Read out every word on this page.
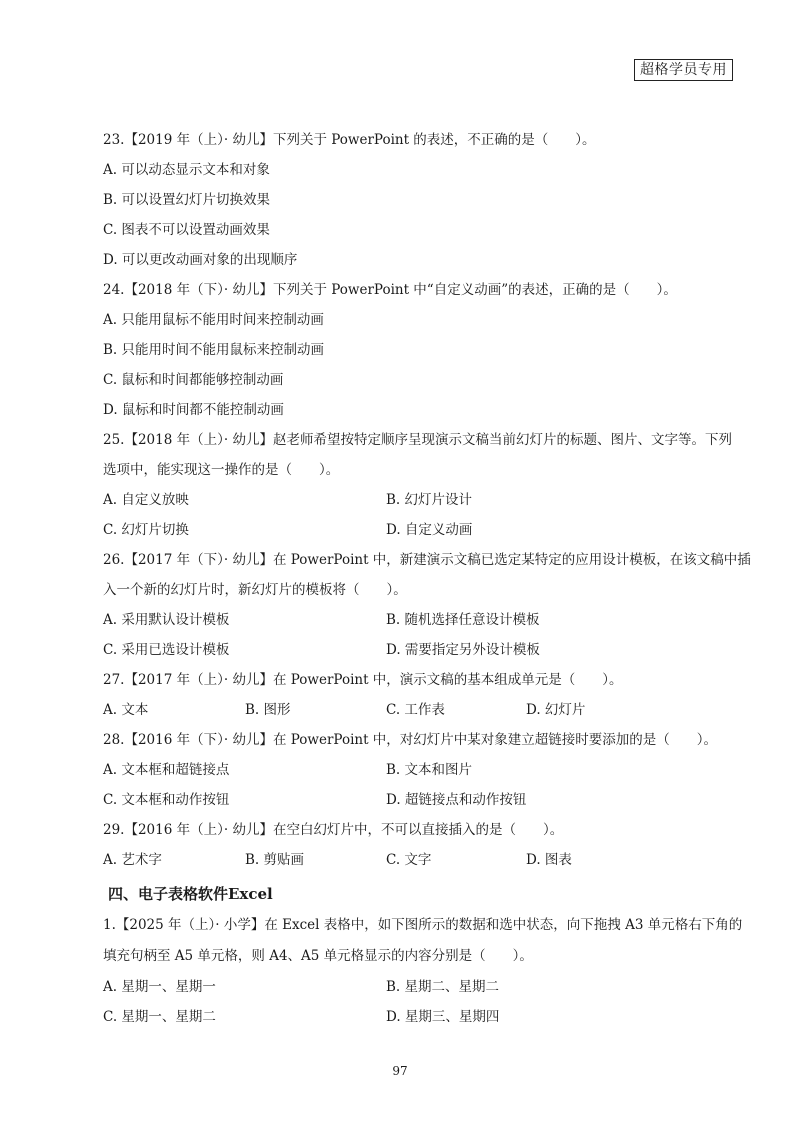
超格学员专用
23.【2019 年（上）· 幼儿】下列关于 PowerPoint 的表述，不正确的是（　　）。
A. 可以动态显示文本和对象
B. 可以设置幻灯片切换效果
C. 图表不可以设置动画效果
D. 可以更改动画对象的出现顺序
24.【2018 年（下）· 幼儿】下列关于 PowerPoint 中“自定义动画”的表述，正确的是（　　）。
A. 只能用鼠标不能用时间来控制动画
B. 只能用时间不能用鼠标来控制动画
C. 鼠标和时间都能够控制动画
D. 鼠标和时间都不能控制动画
25.【2018 年（上）· 幼儿】赵老师希望按特定顺序呈现演示文稿当前幻灯片的标题、图片、文字等。下列
选项中，能实现这一操作的是（　　）。
A. 自定义放映	B. 幻灯片设计
C. 幻灯片切换	D. 自定义动画
26.【2017 年（下）· 幼儿】在 PowerPoint 中，新建演示文稿已选定某特定的应用设计模板，在该文稿中插
入一个新的幻灯片时，新幻灯片的模板将（　　）。
A. 采用默认设计模板	B. 随机选择任意设计模板
C. 采用已选设计模板	D. 需要指定另外设计模板
27.【2017 年（上）· 幼儿】在 PowerPoint 中，演示文稿的基本组成单元是（　　）。
A. 文本	B. 图形	C. 工作表	D. 幻灯片
28.【2016 年（下）· 幼儿】在 PowerPoint 中，对幻灯片中某对象建立超链接时要添加的是（　　）。
A. 文本框和超链接点	B. 文本和图片
C. 文本框和动作按钮	D. 超链接点和动作按钮
29.【2016 年（上）· 幼儿】在空白幻灯片中，不可以直接插入的是（　　）。
A. 艺术字	B. 剪贴画	C. 文字	D. 图表
四、电子表格软件Excel
1.【2025 年（上）· 小学】在 Excel 表格中，如下图所示的数据和选中状态，向下拖拽 A3 单元格右下角的
填充句柄至 A5 单元格，则 A4、A5 单元格显示的内容分别是（　　）。
A. 星期一、星期一	B. 星期二、星期二
C. 星期一、星期二	D. 星期三、星期四
97
